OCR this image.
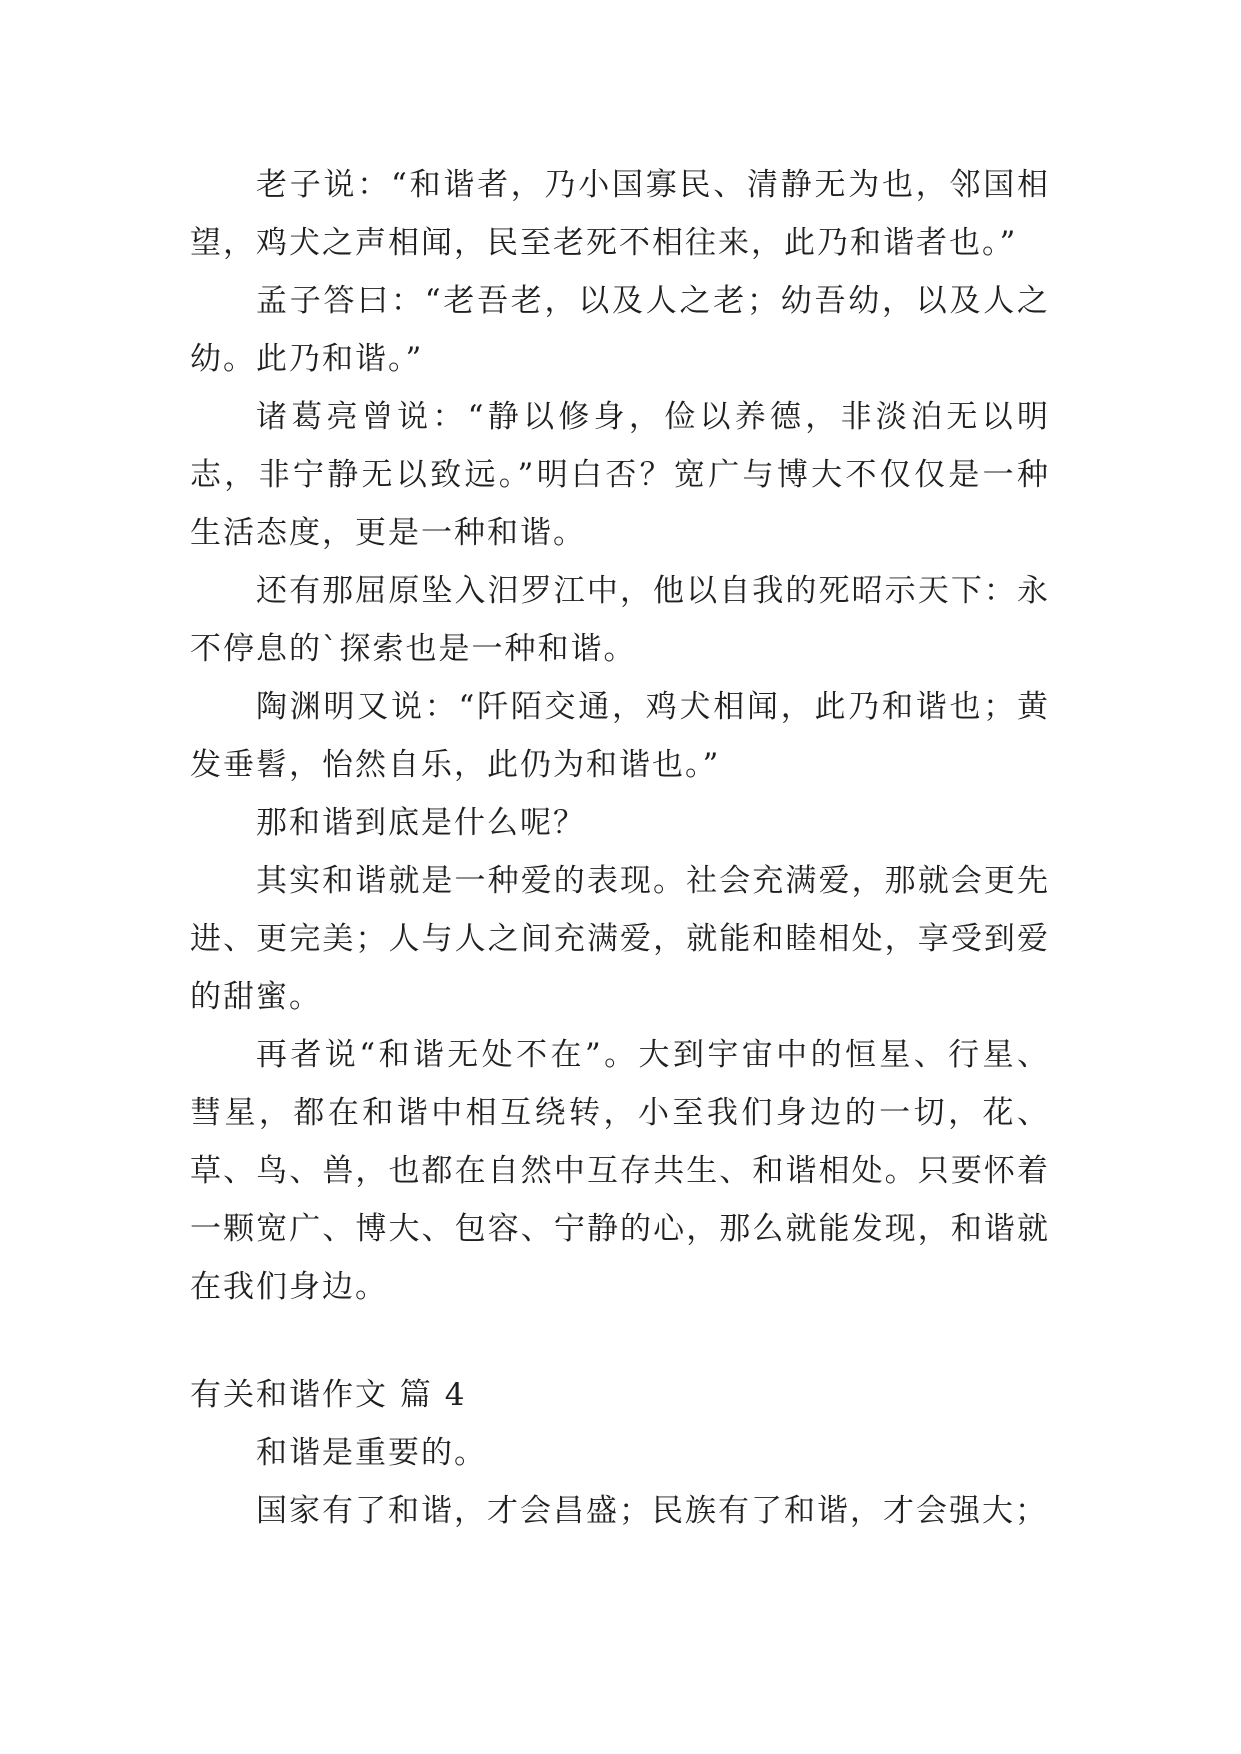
老子说：“和谐者，乃小国寡民、清静无为也，邻国相望，鸡犬之声相闻，民至老死不相往来，此乃和谐者也。”

孟子答曰：“老吾老，以及人之老；幼吾幼，以及人之幼。此乃和谐。”

诸葛亮曾说：“静以修身，俭以养德，非淡泊无以明志，非宁静无以致远。”明白否？宽广与博大不仅仅是一种生活态度，更是一种和谐。

还有那屈原坠入汨罗江中，他以自我的死昭示天下：永不停息的`探索也是一种和谐。

陶渊明又说：“阡陌交通，鸡犬相闻，此乃和谐也；黄发垂髫，怡然自乐，此仍为和谐也。”

那和谐到底是什么呢？

其实和谐就是一种爱的表现。社会充满爱，那就会更先进、更完美；人与人之间充满爱，就能和睦相处，享受到爱的甜蜜。

再者说“和谐无处不在”。大到宇宙中的恒星、行星、彗星，都在和谐中相互绕转，小至我们身边的一切，花、草、鸟、兽，也都在自然中互存共生、和谐相处。只要怀着一颗宽广、博大、包容、宁静的心，那么就能发现，和谐就在我们身边。

有关和谐作文 篇 4

和谐是重要的。

国家有了和谐，才会昌盛；民族有了和谐，才会强大；
